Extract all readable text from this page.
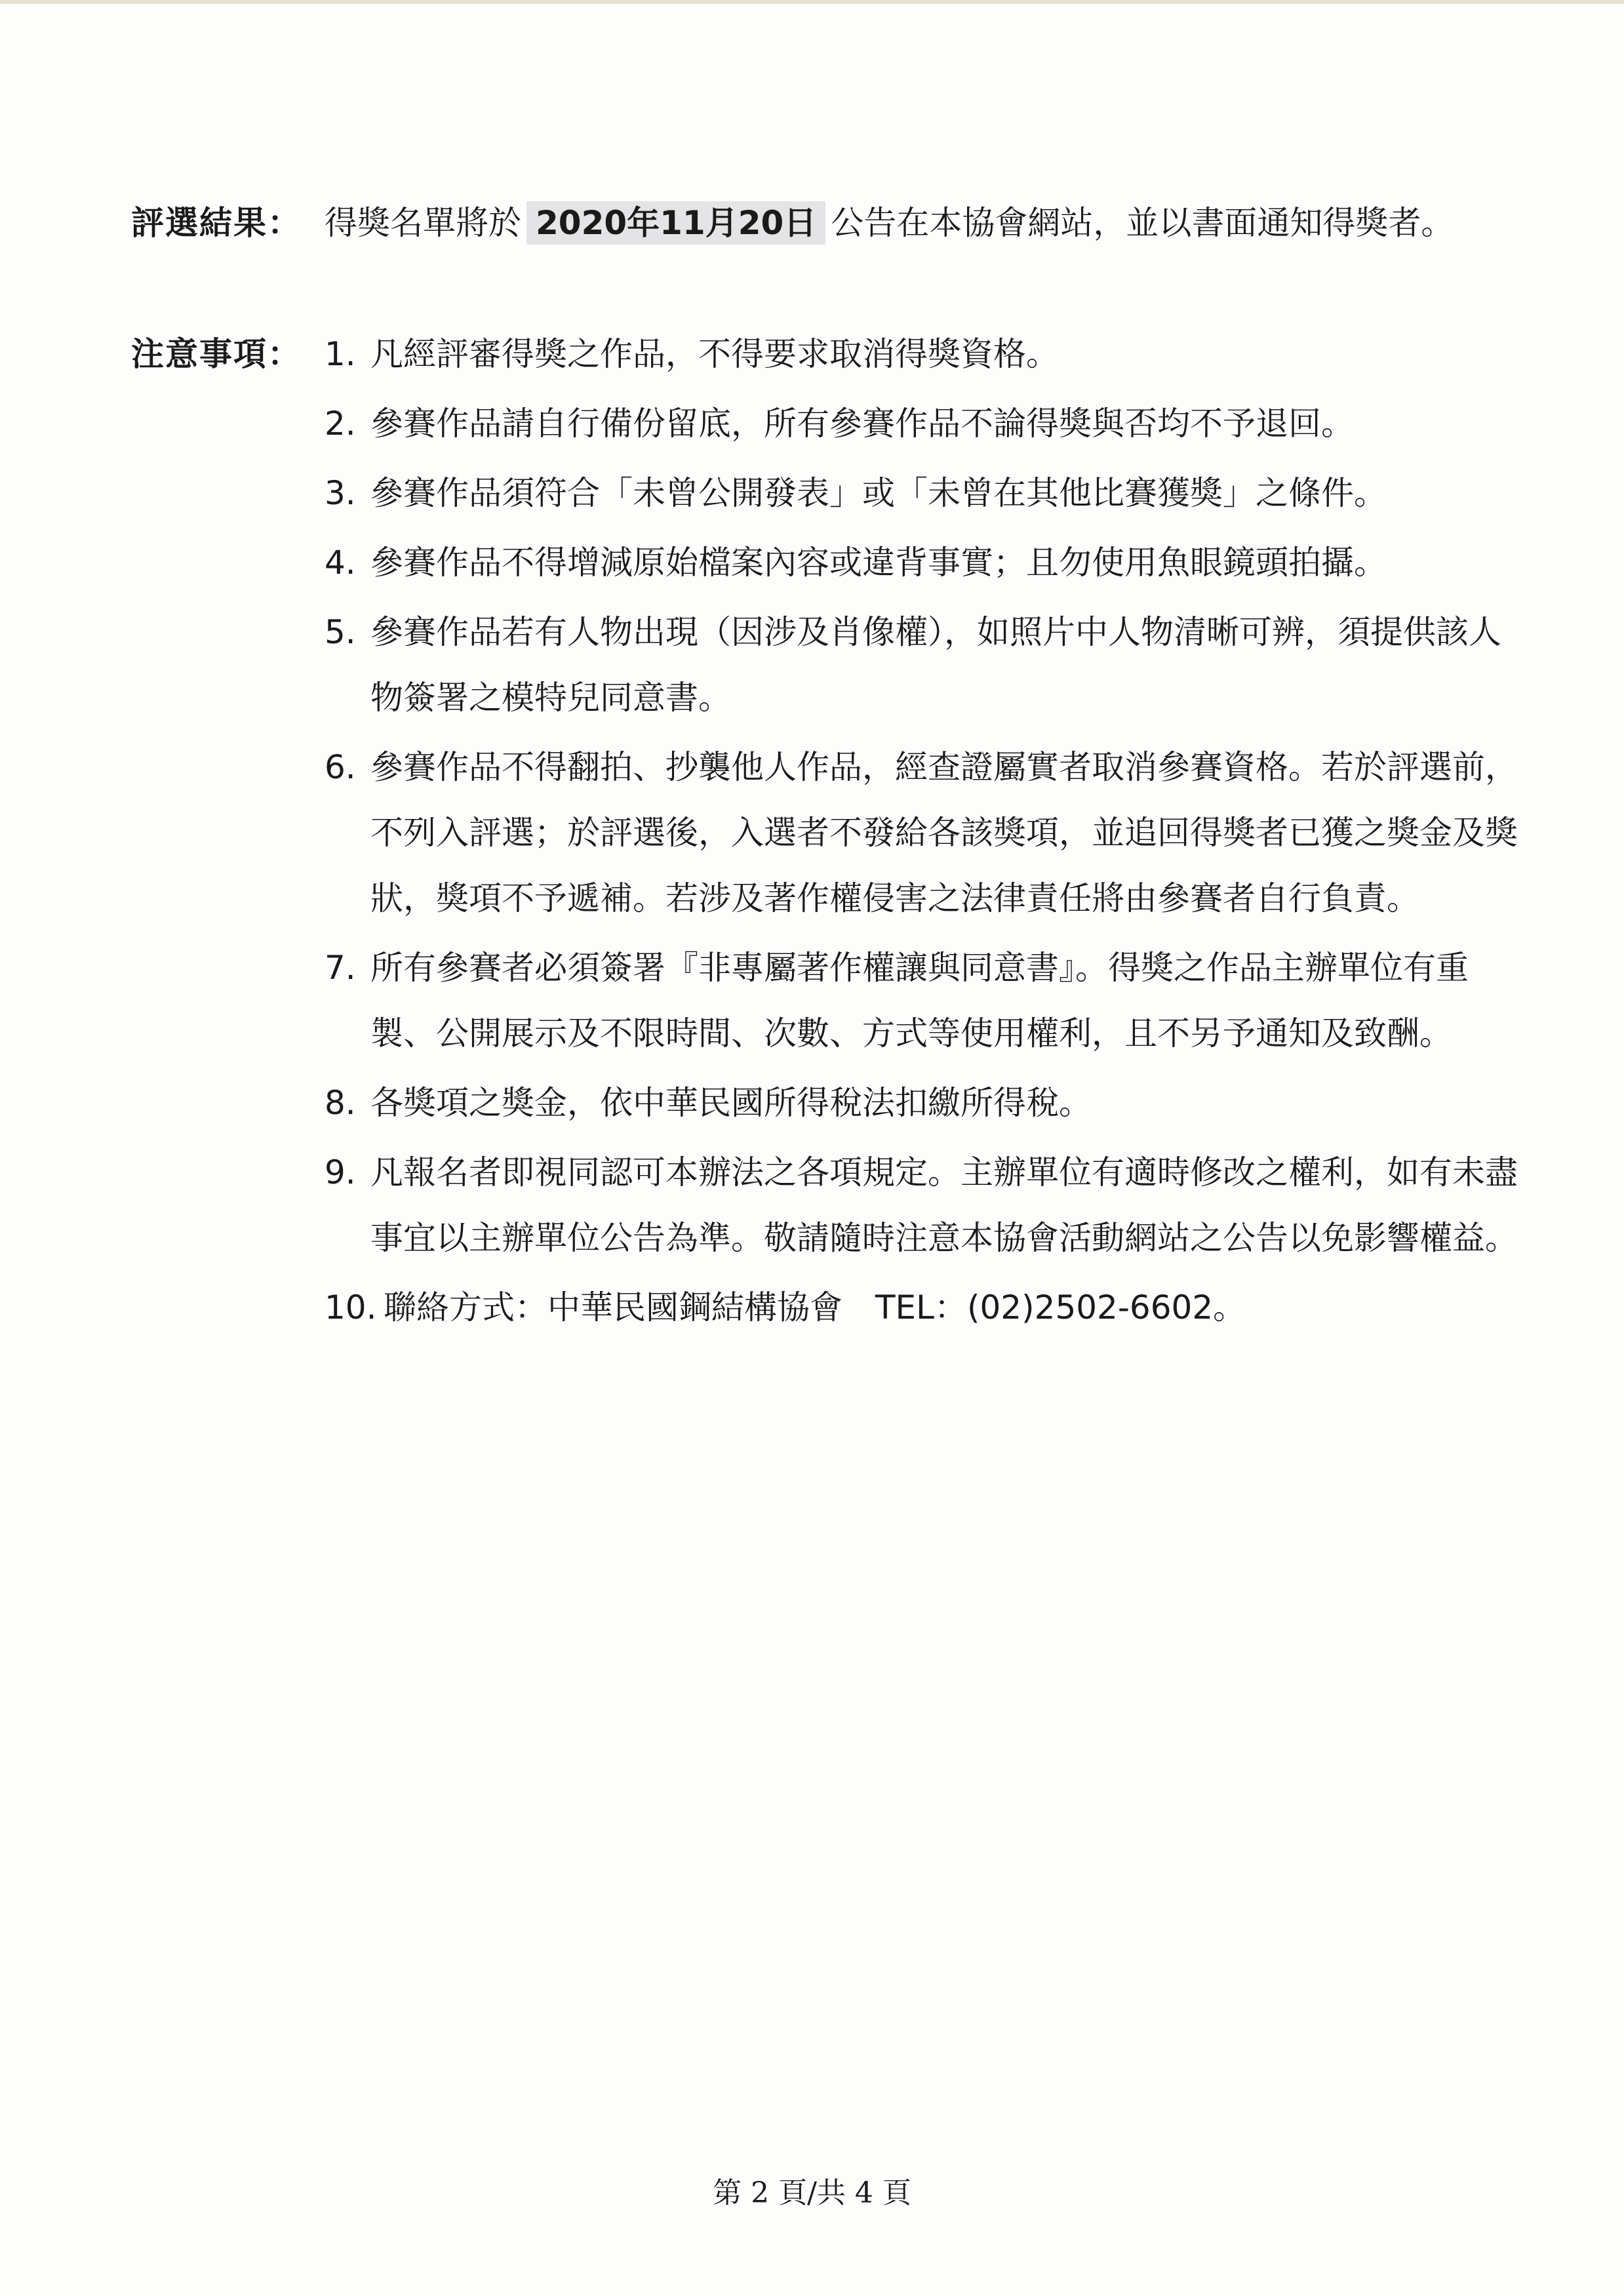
評選結果： 得獎名單將於 2020年11月20日 公告在本協會網站，並以書面通知得獎者。
注意事項： 1. 凡經評審得獎之作品，不得要求取消得獎資格。
2. 參賽作品請自行備份留底，所有參賽作品不論得獎與否均不予退回。
3. 參賽作品須符合「未曾公開發表」或「未曾在其他比賽獲獎」之條件。
4. 參賽作品不得增減原始檔案內容或違背事實；且勿使用魚眼鏡頭拍攝。
5. 參賽作品若有人物出現（因涉及肖像權），如照片中人物清晰可辨，須提供該人物簽署之模特兒同意書。
6. 參賽作品不得翻拍、抄襲他人作品，經查證屬實者取消參賽資格。若於評選前，不列入評選；於評選後，入選者不發給各該獎項，並追回得獎者已獲之獎金及獎狀，獎項不予遞補。若涉及著作權侵害之法律責任將由參賽者自行負責。
7. 所有參賽者必須簽署『非專屬著作權讓與同意書』。得獎之作品主辦單位有重製、公開展示及不限時間、次數、方式等使用權利，且不另予通知及致酬。
8. 各獎項之獎金，依中華民國所得稅法扣繳所得稅。
9. 凡報名者即視同認可本辦法之各項規定。主辦單位有適時修改之權利，如有未盡事宜以主辦單位公告為準。敬請隨時注意本協會活動網站之公告以免影響權益。
10. 聯絡方式：中華民國鋼結構協會　TEL：(02)2502-6602。
第 2 頁/共 4 頁
